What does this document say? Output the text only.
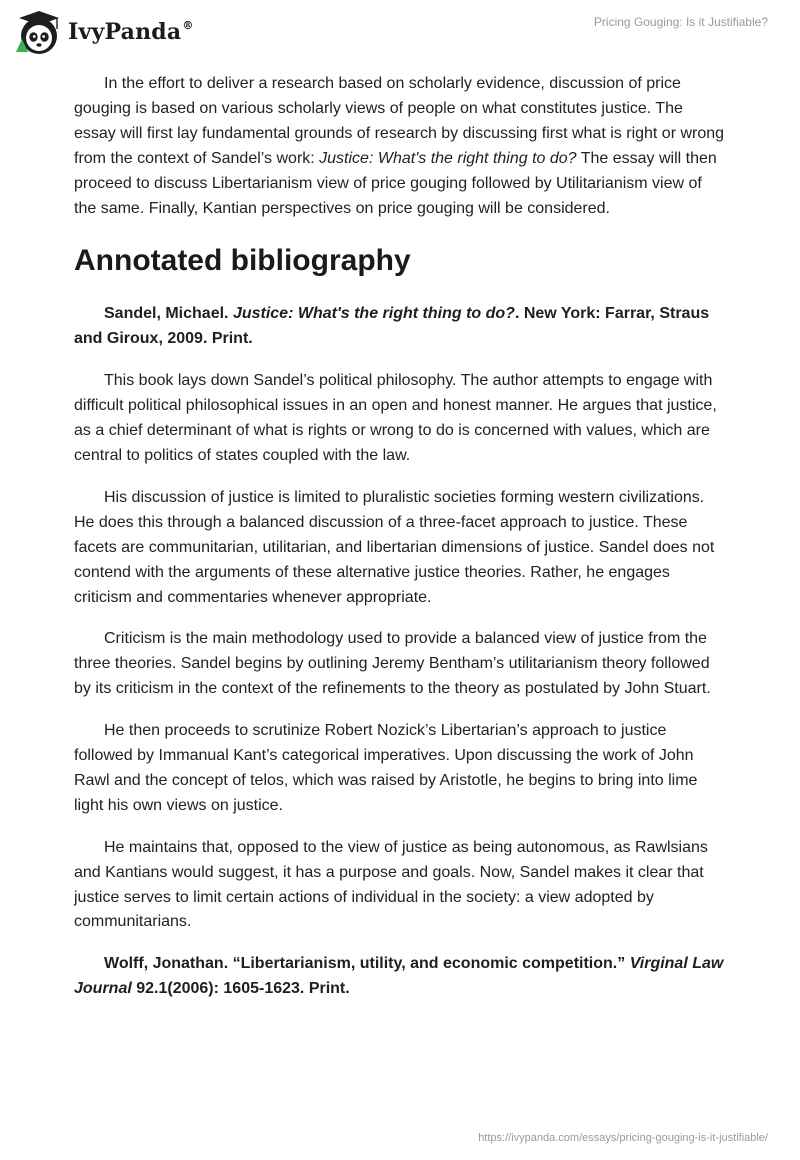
IvyPanda®	Pricing Gouging: Is it Justifiable?

In the effort to deliver a research based on scholarly evidence, discussion of price gouging is based on various scholarly views of people on what constitutes justice. The essay will first lay fundamental grounds of research by discussing first what is right or wrong from the context of Sandel’s work: Justice: What's the right thing to do? The essay will then proceed to discuss Libertarianism view of price gouging followed by Utilitarianism view of the same. Finally, Kantian perspectives on price gouging will be considered.

Annotated bibliography

Sandel, Michael. Justice: What's the right thing to do?. New York: Farrar, Straus and Giroux, 2009. Print.

This book lays down Sandel’s political philosophy. The author attempts to engage with difficult political philosophical issues in an open and honest manner. He argues that justice, as a chief determinant of what is rights or wrong to do is concerned with values, which are central to politics of states coupled with the law.

His discussion of justice is limited to pluralistic societies forming western civilizations. He does this through a balanced discussion of a three-facet approach to justice. These facets are communitarian, utilitarian, and libertarian dimensions of justice. Sandel does not contend with the arguments of these alternative justice theories. Rather, he engages criticism and commentaries whenever appropriate.

Criticism is the main methodology used to provide a balanced view of justice from the three theories. Sandel begins by outlining Jeremy Bentham’s utilitarianism theory followed by its criticism in the context of the refinements to the theory as postulated by John Stuart.

He then proceeds to scrutinize Robert Nozick’s Libertarian’s approach to justice followed by Immanual Kant’s categorical imperatives. Upon discussing the work of John Rawl and the concept of telos, which was raised by Aristotle, he begins to bring into lime light his own views on justice.

He maintains that, opposed to the view of justice as being autonomous, as Rawlsians and Kantians would suggest, it has a purpose and goals. Now, Sandel makes it clear that justice serves to limit certain actions of individual in the society: a view adopted by communitarians.

Wolff, Jonathan. “Libertarianism, utility, and economic competition.” Virginal Law Journal 92.1(2006): 1605-1623. Print.

https://ivypanda.com/essays/pricing-gouging-is-it-justifiable/
